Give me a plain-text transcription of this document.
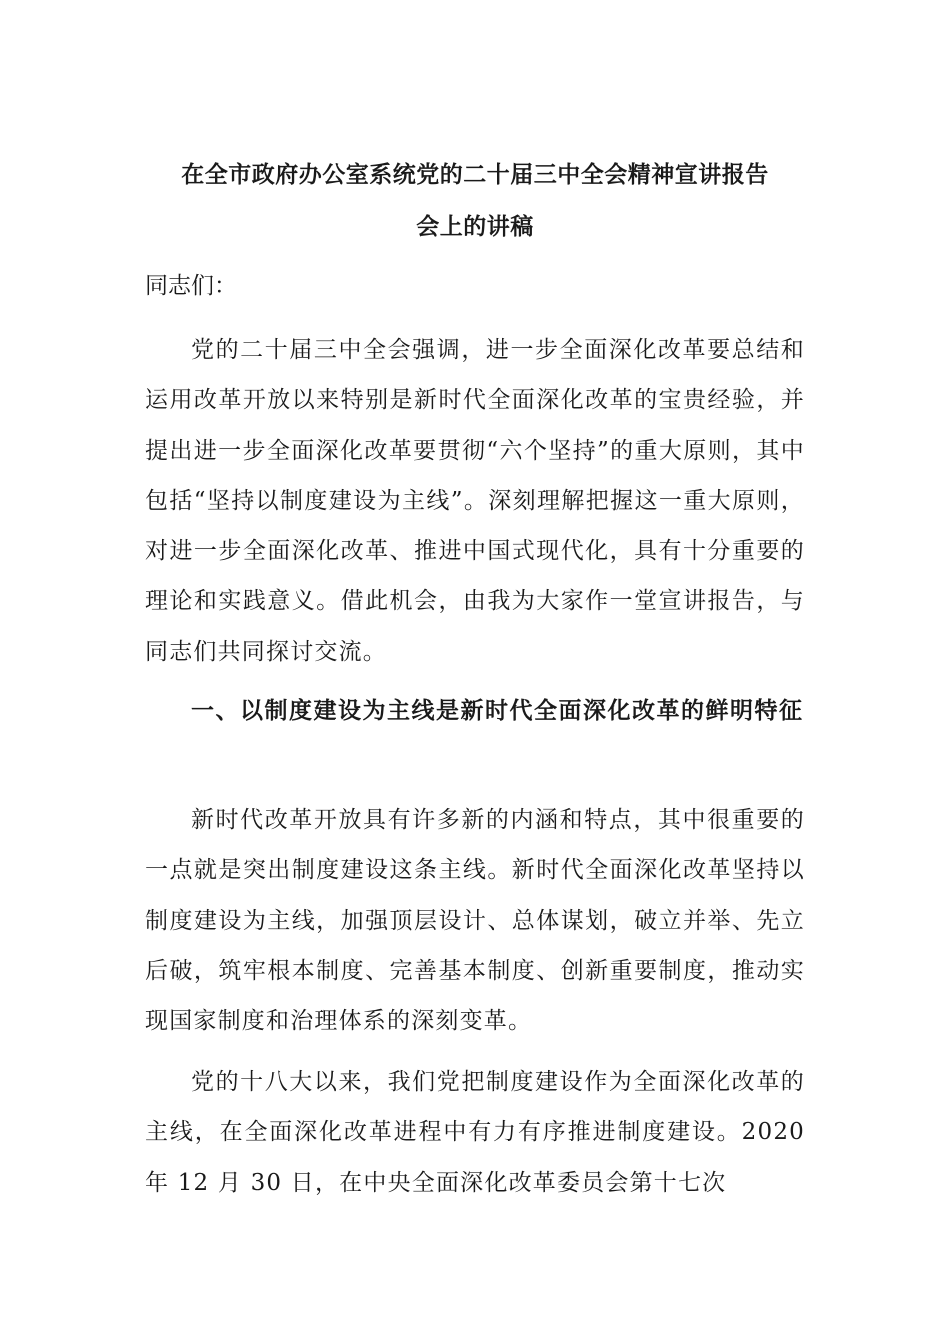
在全市政府办公室系统党的二十届三中全会精神宣讲报告
会上的讲稿
同志们：

党的二十届三中全会强调，进一步全面深化改革要总结和运用改革开放以来特别是新时代全面深化改革的宝贵经验，并提出进一步全面深化改革要贯彻“六个坚持”的重大原则，其中包括“坚持以制度建设为主线”。深刻理解把握这一重大原则，对进一步全面深化改革、推进中国式现代化，具有十分重要的理论和实践意义。借此机会，由我为大家作一堂宣讲报告，与同志们共同探讨交流。

一、以制度建设为主线是新时代全面深化改革的鲜明特征

新时代改革开放具有许多新的内涵和特点，其中很重要的一点就是突出制度建设这条主线。新时代全面深化改革坚持以制度建设为主线，加强顶层设计、总体谋划，破立并举、先立后破，筑牢根本制度、完善基本制度、创新重要制度，推动实现国家制度和治理体系的深刻变革。

党的十八大以来，我们党把制度建设作为全面深化改革的主线，在全面深化改革进程中有力有序推进制度建设。2020 年 12 月 30 日，在中央全面深化改革委员会第十七次
